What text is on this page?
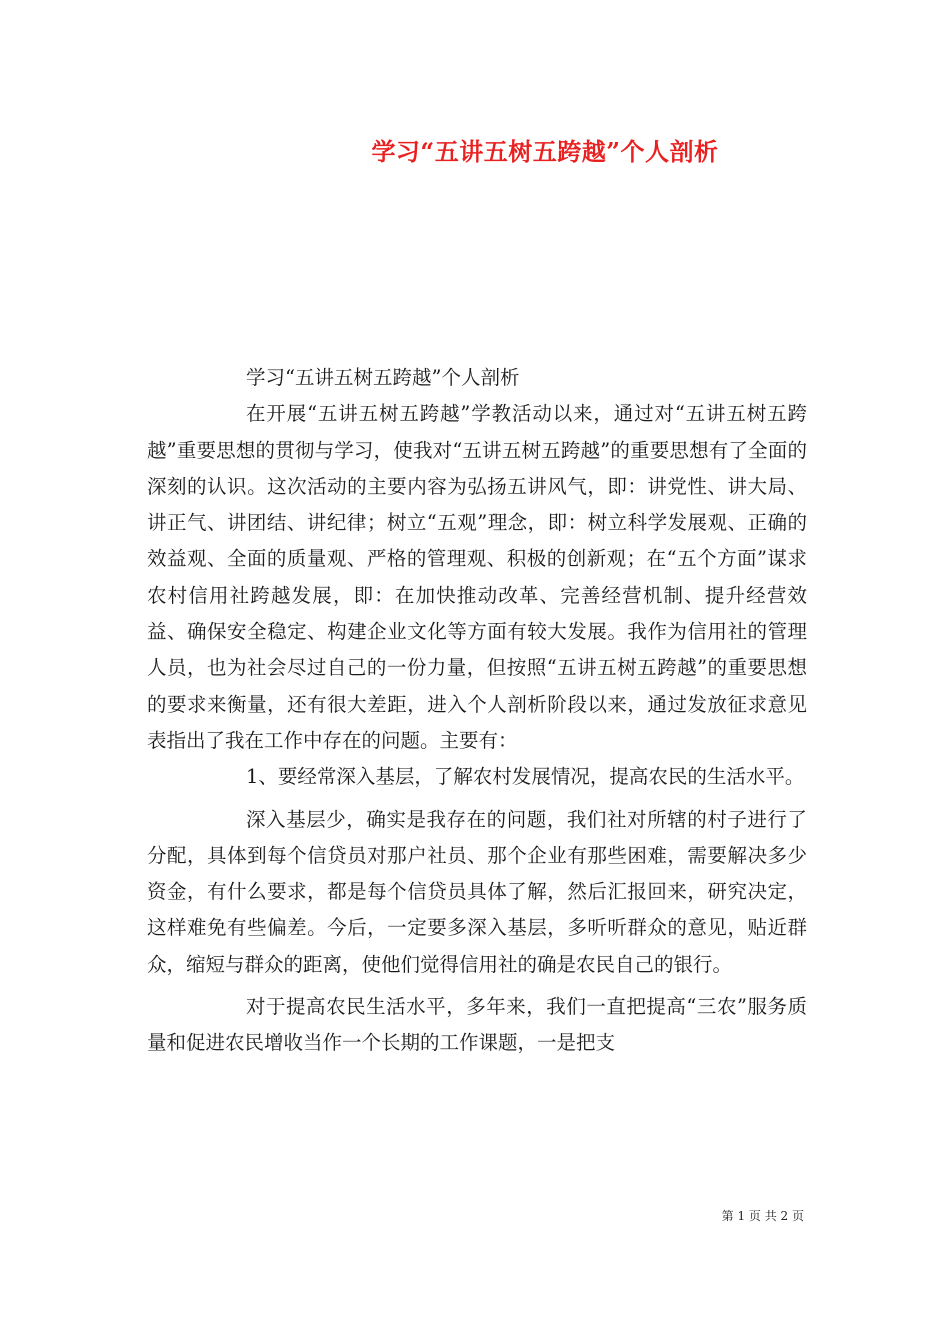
学习“五讲五树五跨越”个人剖析

学习“五讲五树五跨越”个人剖析

在开展“五讲五树五跨越”学教活动以来，通过对“五讲五树五跨越”重要思想的贯彻与学习，使我对“五讲五树五跨越”的重要思想有了全面的深刻的认识。这次活动的主要内容为弘扬五讲风气，即：讲党性、讲大局、讲正气、讲团结、讲纪律；树立“五观”理念，即：树立科学发展观、正确的效益观、全面的质量观、严格的管理观、积极的创新观；在“五个方面”谋求农村信用社跨越发展，即：在加快推动改革、完善经营机制、提升经营效益、确保安全稳定、构建企业文化等方面有较大发展。我作为信用社的管理人员，也为社会尽过自己的一份力量，但按照“五讲五树五跨越”的重要思想的要求来衡量，还有很大差距，进入个人剖析阶段以来，通过发放征求意见表指出了我在工作中存在的问题。主要有：

1、要经常深入基层，了解农村发展情况，提高农民的生活水平。

深入基层少，确实是我存在的问题，我们社对所辖的村子进行了分配，具体到每个信贷员对那户社员、那个企业有那些困难，需要解决多少资金，有什么要求，都是每个信贷员具体了解，然后汇报回来，研究决定，这样难免有些偏差。今后，一定要多深入基层，多听听群众的意见，贴近群众，缩短与群众的距离，使他们觉得信用社的确是农民自己的银行。

对于提高农民生活水平，多年来，我们一直把提高“三农”服务质量和促进农民增收当作一个长期的工作课题，一是把支

第 1 页 共 2 页
